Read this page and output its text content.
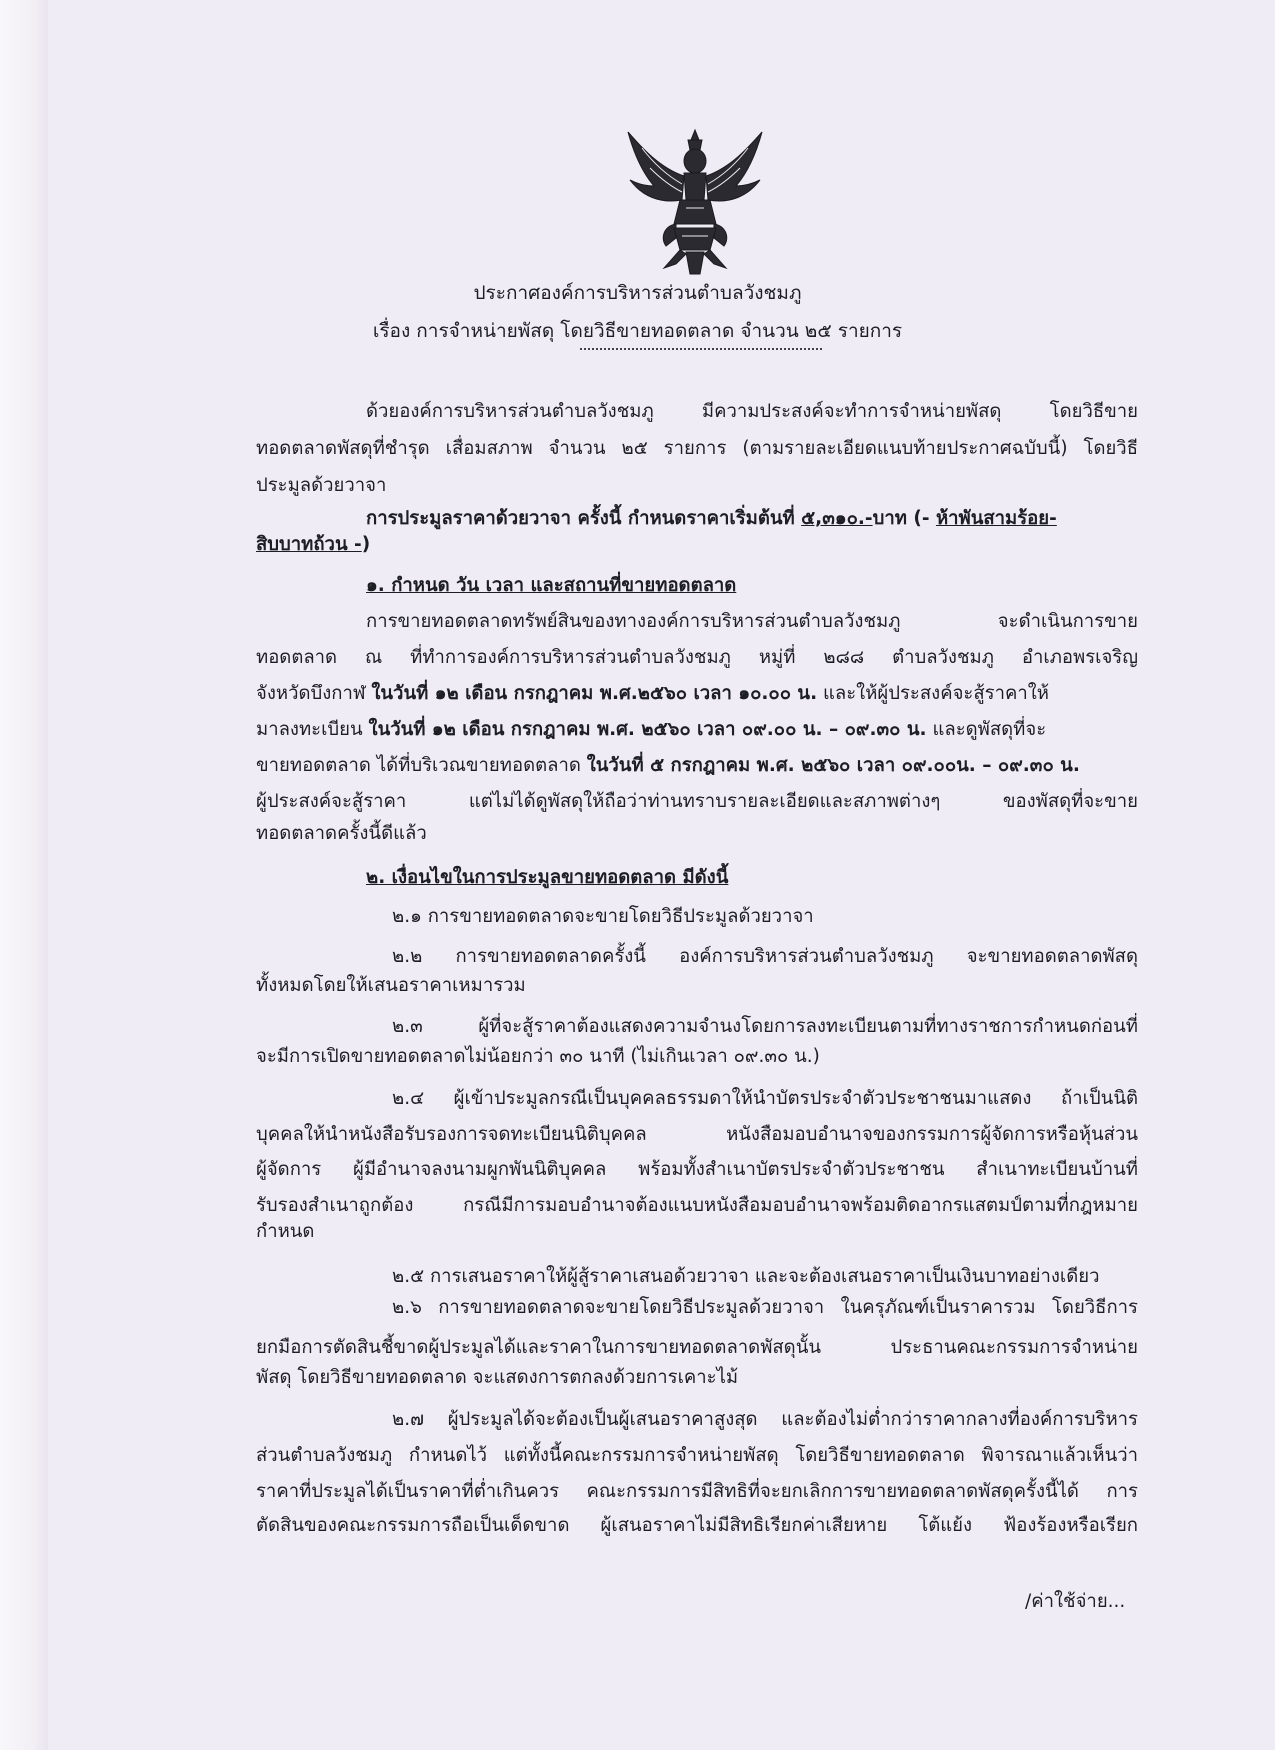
ประกาศองค์การบริหารส่วนตำบลวังชมภู
เรื่อง การจำหน่ายพัสดุ โดยวิธีขายทอดตลาด จำนวน ๒๕ รายการ
ด้วยองค์การบริหารส่วนตำบลวังชมภู มีความประสงค์จะทำการจำหน่ายพัสดุ โดยวิธีขาย
ทอดตลาดพัสดุที่ชำรุด เสื่อมสภาพ จำนวน ๒๕ รายการ (ตามรายละเอียดแนบท้ายประกาศฉบับนี้) โดยวิธี
ประมูลด้วยวาจา
การประมูลราคาด้วยวาจา ครั้งนี้ กำหนดราคาเริ่มต้นที่ ๕,๓๑๐.-บาท (- ห้าพันสามร้อย-
สิบบาทถ้วน -)
๑. กำหนด วัน เวลา และสถานที่ขายทอดตลาด
การขายทอดตลาดทรัพย์สินของทางองค์การบริหารส่วนตำบลวังชมภู จะดำเนินการขาย
ทอดตลาด ณ ที่ทำการองค์การบริหารส่วนตำบลวังชมภู หมู่ที่ ๒๘๘ ตำบลวังชมภู อำเภอพรเจริญ
จังหวัดบึงกาฬ ในวันที่ ๑๒ เดือน กรกฎาคม พ.ศ.๒๕๖๐ เวลา ๑๐.๐๐ น. และให้ผู้ประสงค์จะสู้ราคาให้
มาลงทะเบียน ในวันที่ ๑๒ เดือน กรกฎาคม พ.ศ. ๒๕๖๐ เวลา ๐๙.๐๐ น. – ๐๙.๓๐ น. และดูพัสดุที่จะ
ขายทอดตลาด ได้ที่บริเวณขายทอดตลาด ในวันที่ ๕ กรกฎาคม พ.ศ. ๒๕๖๐ เวลา ๐๙.๐๐น. – ๐๙.๓๐ น.
ผู้ประสงค์จะสู้ราคา แต่ไม่ได้ดูพัสดุให้ถือว่าท่านทราบรายละเอียดและสภาพต่างๆ ของพัสดุที่จะขาย
ทอดตลาดครั้งนี้ดีแล้ว
๒. เงื่อนไขในการประมูลขายทอดตลาด มีดังนี้
๒.๑ การขายทอดตลาดจะขายโดยวิธีประมูลด้วยวาจา
๒.๒ การขายทอดตลาดครั้งนี้ องค์การบริหารส่วนตำบลวังชมภู จะขายทอดตลาดพัสดุ
ทั้งหมดโดยให้เสนอราคาเหมารวม
๒.๓ ผู้ที่จะสู้ราคาต้องแสดงความจำนงโดยการลงทะเบียนตามที่ทางราชการกำหนดก่อนที่
จะมีการเปิดขายทอดตลาดไม่น้อยกว่า ๓๐ นาที (ไม่เกินเวลา ๐๙.๓๐ น.)
๒.๔ ผู้เข้าประมูลกรณีเป็นบุคคลธรรมดาให้นำบัตรประจำตัวประชาชนมาแสดง ถ้าเป็นนิติ
บุคคลให้นำหนังสือรับรองการจดทะเบียนนิติบุคคล หนังสือมอบอำนาจของกรรมการผู้จัดการหรือหุ้นส่วน
ผู้จัดการ ผู้มีอำนาจลงนามผูกพันนิติบุคคล พร้อมทั้งสำเนาบัตรประจำตัวประชาชน สำเนาทะเบียนบ้านที่
รับรองสำเนาถูกต้อง กรณีมีการมอบอำนาจต้องแนบหนังสือมอบอำนาจพร้อมติดอากรแสตมป์ตามที่กฎหมาย
กำหนด
๒.๕ การเสนอราคาให้ผู้สู้ราคาเสนอด้วยวาจา และจะต้องเสนอราคาเป็นเงินบาทอย่างเดียว
๒.๖ การขายทอดตลาดจะขายโดยวิธีประมูลด้วยวาจา ในครุภัณฑ์เป็นราคารวม โดยวิธีการ
ยกมือการตัดสินชี้ขาดผู้ประมูลได้และราคาในการขายทอดตลาดพัสดุนั้น ประธานคณะกรรมการจำหน่าย
พัสดุ โดยวิธีขายทอดตลาด จะแสดงการตกลงด้วยการเคาะไม้
๒.๗ ผู้ประมูลได้จะต้องเป็นผู้เสนอราคาสูงสุด และต้องไม่ต่ำกว่าราคากลางที่องค์การบริหาร
ส่วนตำบลวังชมภู กำหนดไว้ แต่ทั้งนี้คณะกรรมการจำหน่ายพัสดุ โดยวิธีขายทอดตลาด พิจารณาแล้วเห็นว่า
ราคาที่ประมูลได้เป็นราคาที่ต่ำเกินควร คณะกรรมการมีสิทธิที่จะยกเลิกการขายทอดตลาดพัสดุครั้งนี้ได้ การ
ตัดสินของคณะกรรมการถือเป็นเด็ดขาด ผู้เสนอราคาไม่มีสิทธิเรียกค่าเสียหาย โต้แย้ง ฟ้องร้องหรือเรียก
/ค่าใช้จ่าย...
